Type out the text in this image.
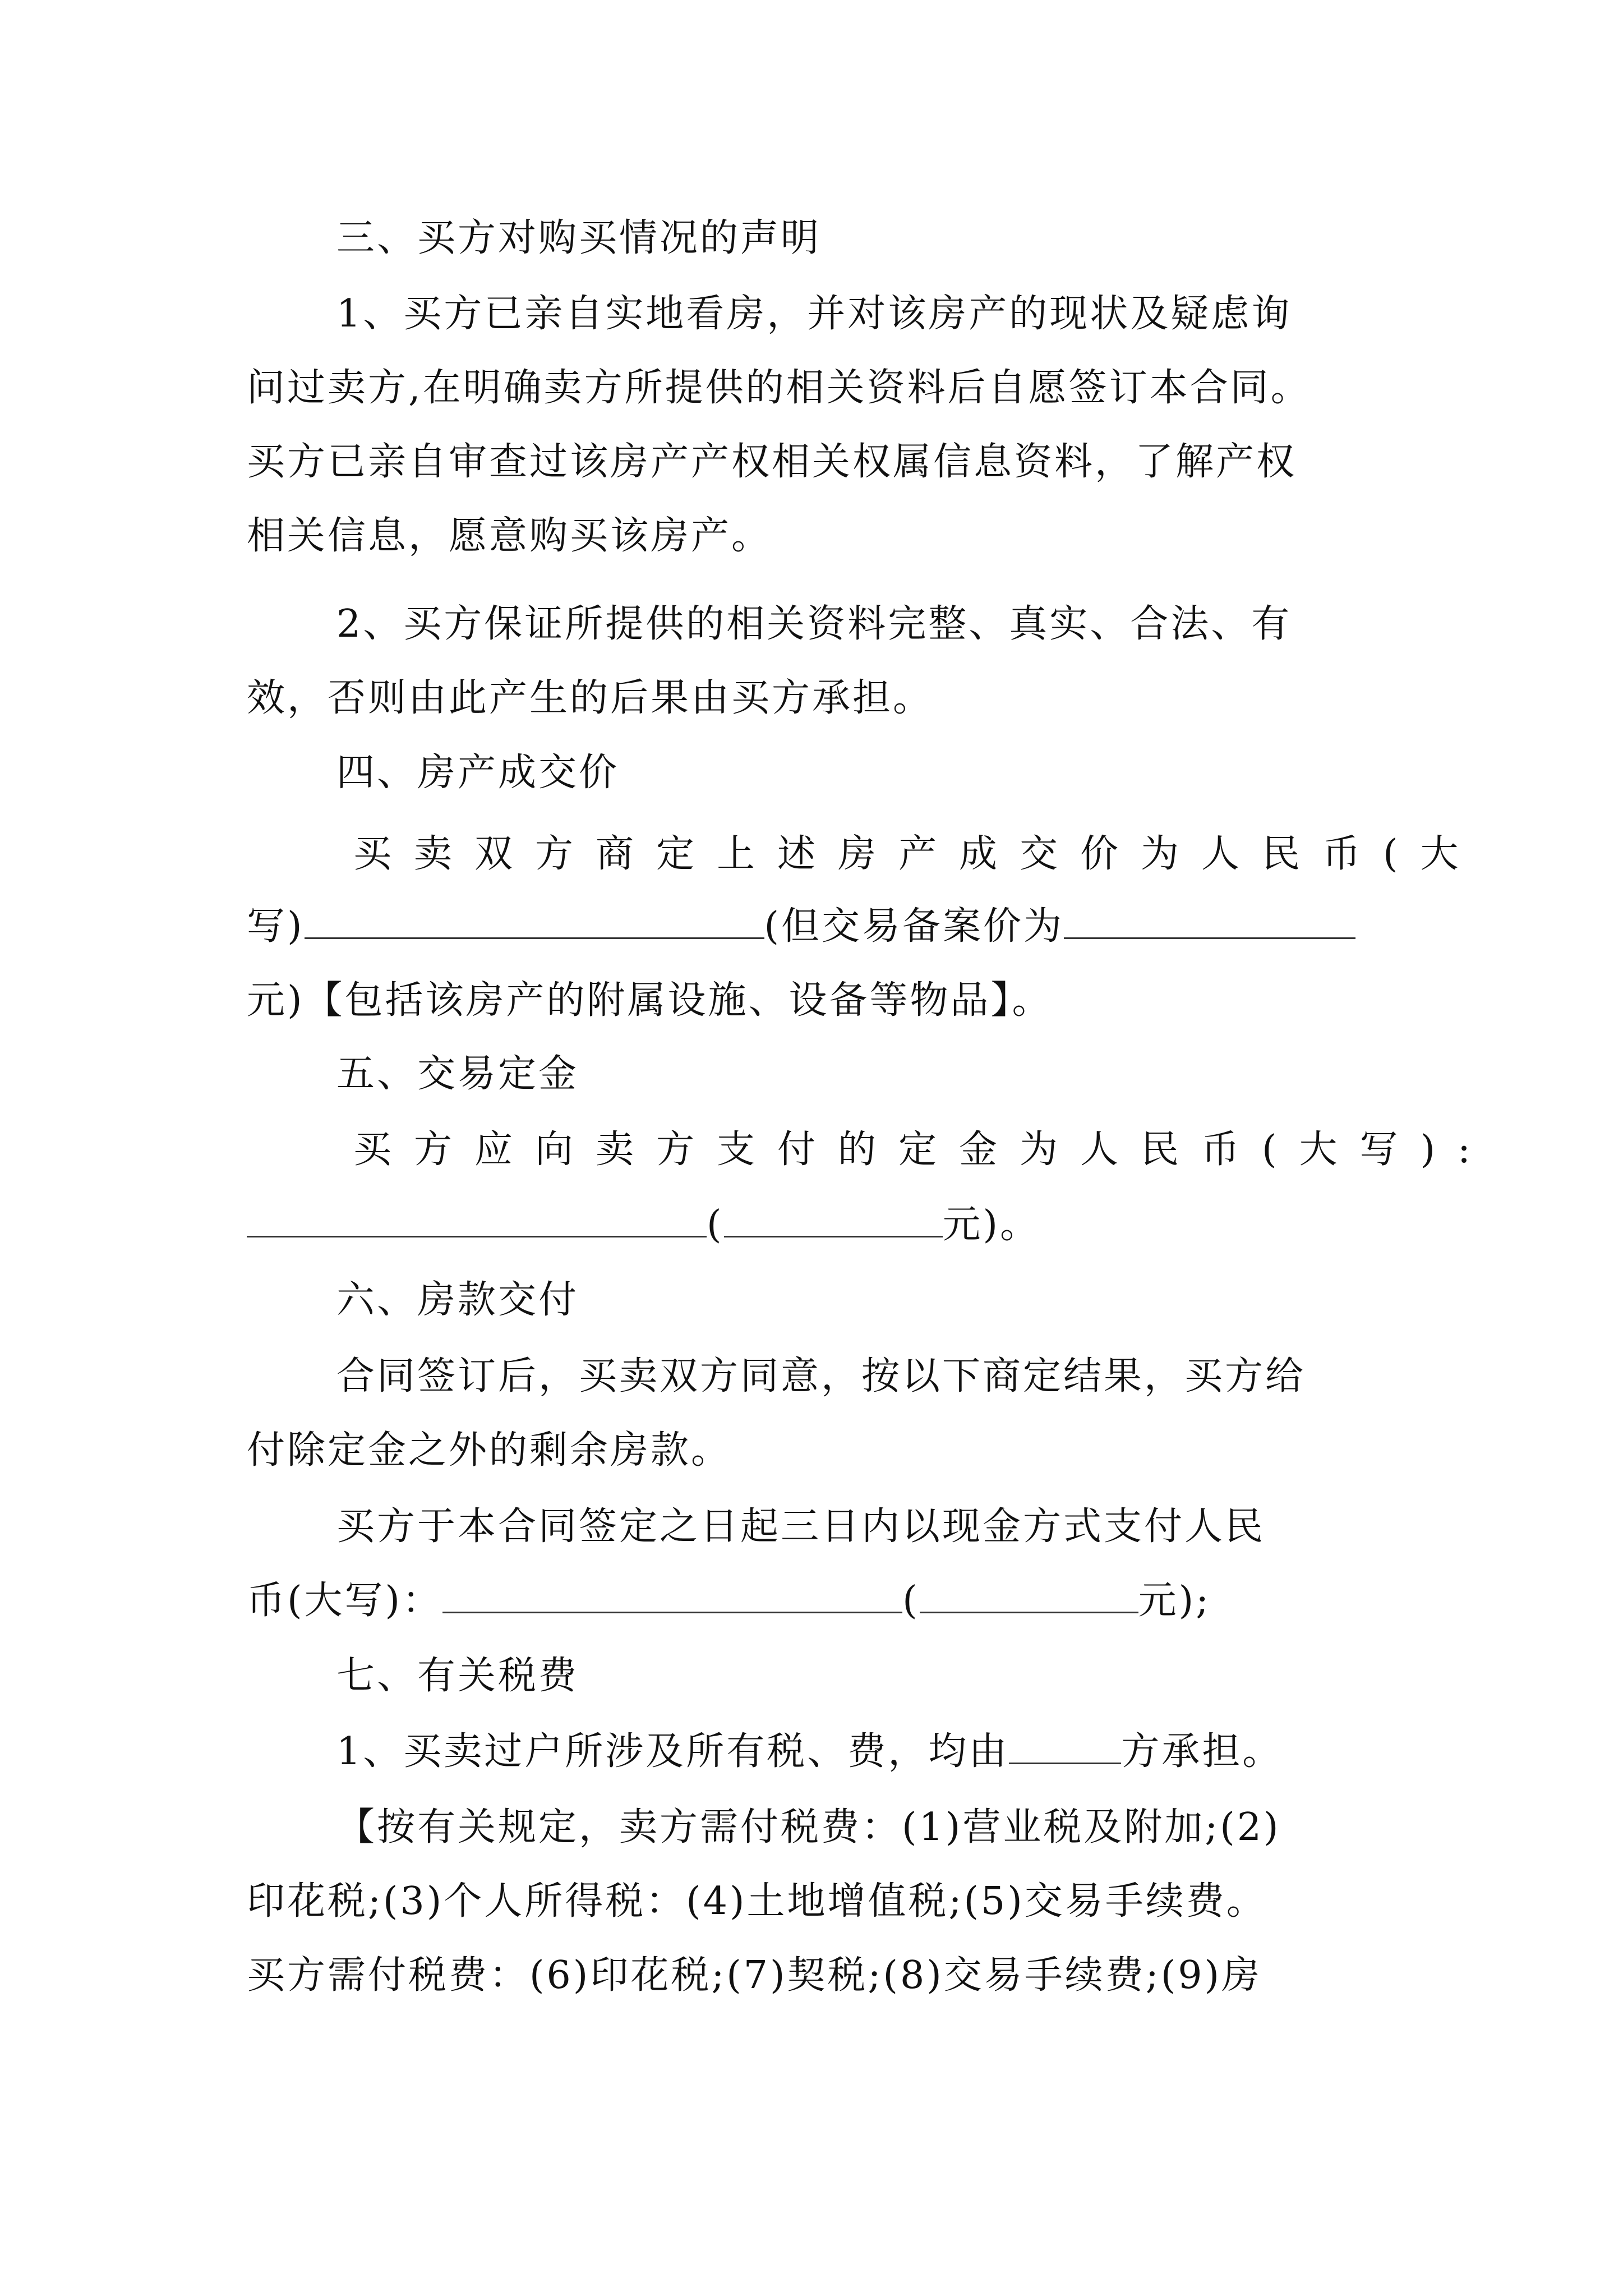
三、买方对购买情况的声明
1、买方已亲自实地看房，并对该房产的现状及疑虑询
问过卖方,在明确卖方所提供的相关资料后自愿签订本合同。
买方已亲自审查过该房产产权相关权属信息资料，了解产权
相关信息，愿意购买该房产。
2、买方保证所提供的相关资料完整、真实、合法、有
效，否则由此产生的后果由买方承担。
四、房产成交价
买卖双方商定上述房产成交价为人民币(大
写)	(但交易备案价为
元)【包括该房产的附属设施、设备等物品】。
五、交易定金
买方应向卖方支付的定金为人民币(大写):
(	元)。
六、房款交付
合同签订后，买卖双方同意，按以下商定结果，买方给
付除定金之外的剩余房款。
买方于本合同签定之日起三日内以现金方式支付人民
币(大写)：	(	元);
七、有关税费
1、买卖过户所涉及所有税、费，均由	方承担。
【按有关规定，卖方需付税费：(1)营业税及附加;(2)
印花税;(3)个人所得税：(4)土地增值税;(5)交易手续费。
买方需付税费：(6)印花税;(7)契税;(8)交易手续费;(9)房
